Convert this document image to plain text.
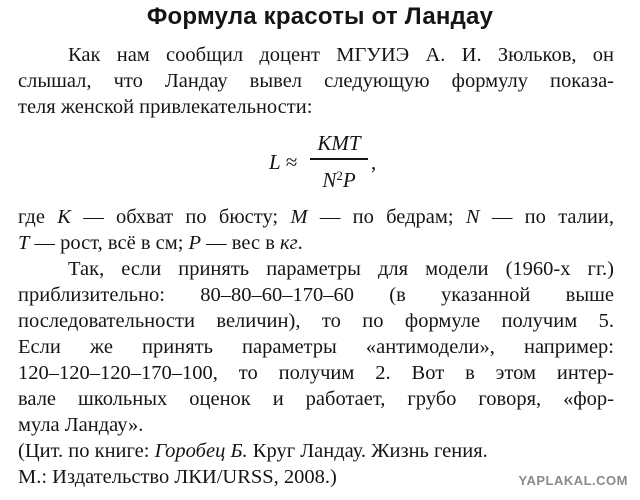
Формула красоты от Ландау
Как нам сообщил доцент МГУИЭ А. И. Зюльков, он
слышал, что Ландау вывел следующую формулу показа-
теля женской привлекательности:
L ≈
KMT
$N^2P$
,
где K — обхват по бюсту; M — по бедрам; N — по талии,
T — рост, всё в см; P — вес в кг.
Так, если принять параметры для модели (1960-х гг.)
приблизительно: 80–80–60–170–60 (в указанной выше
последовательности величин), то по формуле получим 5.
Если же принять параметры «антимодели», например:
120–120–120–170–100, то получим 2. Вот в этом интер-
вале школьных оценок и работает, грубо говоря, «фор-
мула Ландау».
(Цит. по книге: Горобец Б. Круг Ландау. Жизнь гения.
М.: Издательство ЛКИ/URSS, 2008.)	YAPLAKAL.COM
